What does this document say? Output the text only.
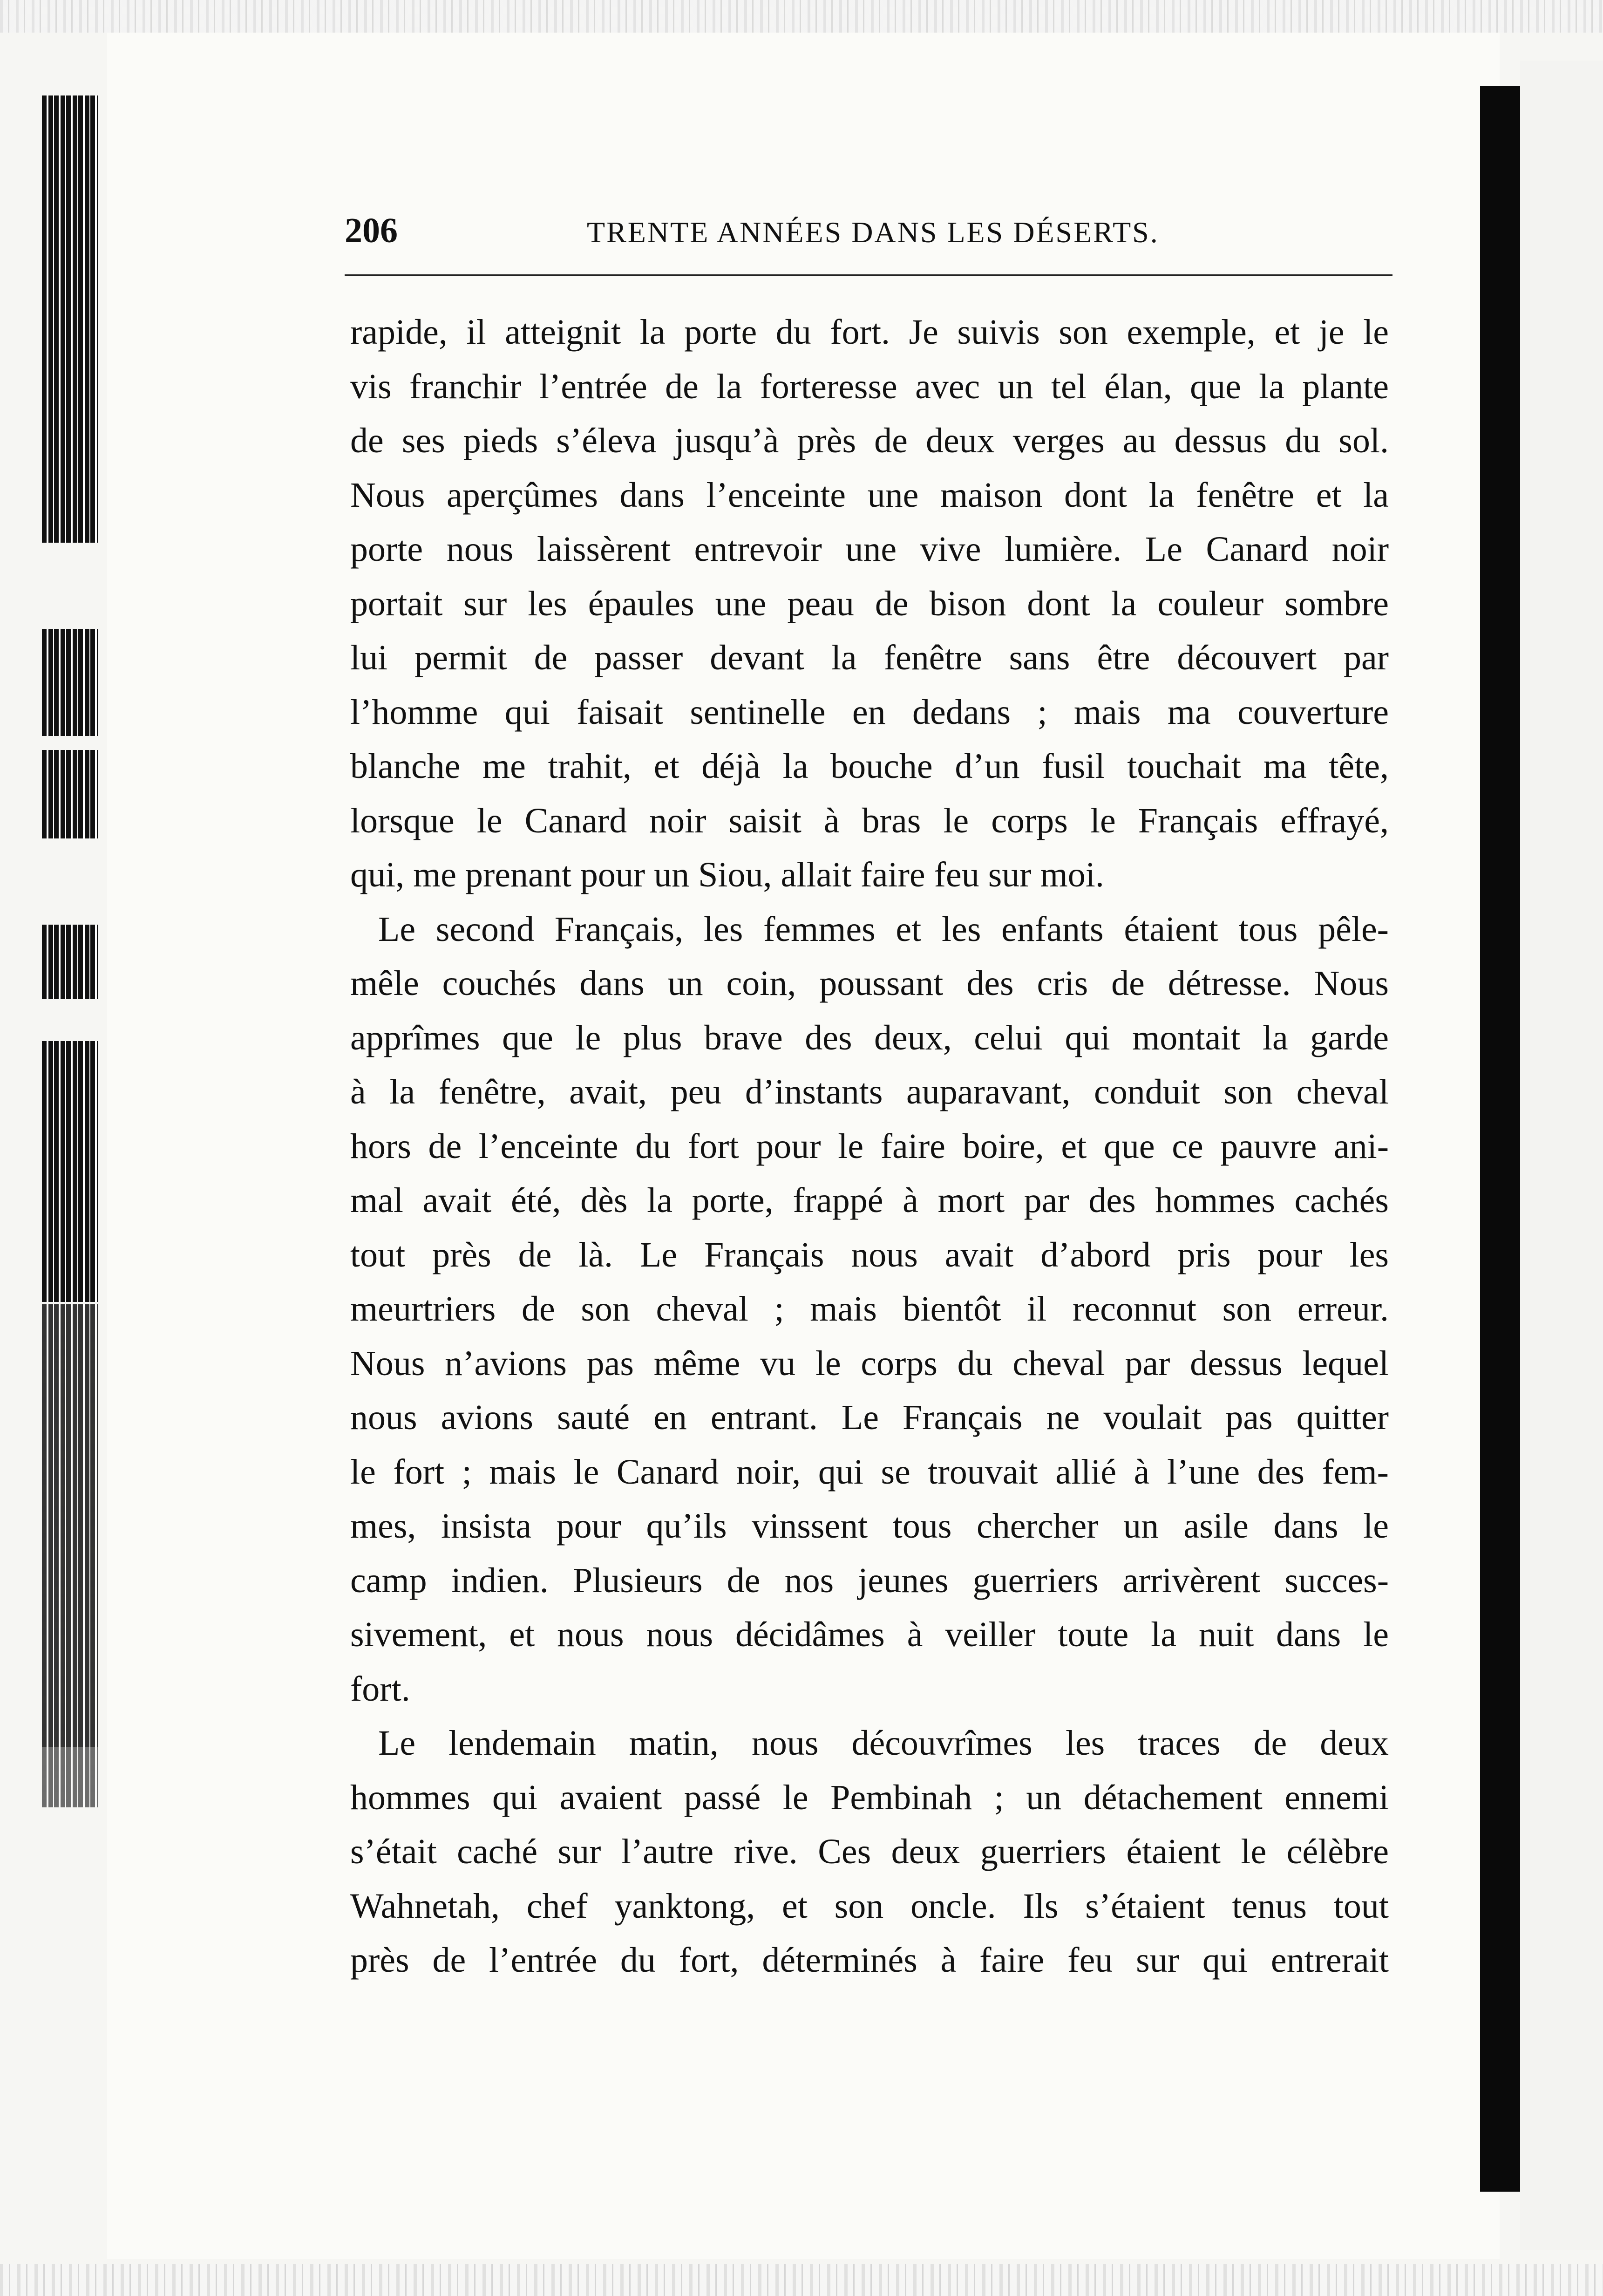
206	TRENTE ANNÉES DANS LES DÉSERTS.
rapide, il atteignit la porte du fort. Je suivis son exemple, et je le
vis franchir l’entrée de la forteresse avec un tel élan, que la plante
de ses pieds s’éleva jusqu’à près de deux verges au dessus du sol.
Nous aperçûmes dans l’enceinte une maison dont la fenêtre et la
porte nous laissèrent entrevoir une vive lumière. Le Canard noir
portait sur les épaules une peau de bison dont la couleur sombre
lui permit de passer devant la fenêtre sans être découvert par
l’homme qui faisait sentinelle en dedans ; mais ma couverture
blanche me trahit, et déjà la bouche d’un fusil touchait ma tête,
lorsque le Canard noir saisit à bras le corps le Français effrayé,
qui, me prenant pour un Siou, allait faire feu sur moi.
Le second Français, les femmes et les enfants étaient tous pêle-
mêle couchés dans un coin, poussant des cris de détresse. Nous
apprîmes que le plus brave des deux, celui qui montait la garde
à la fenêtre, avait, peu d’instants auparavant, conduit son cheval
hors de l’enceinte du fort pour le faire boire, et que ce pauvre ani-
mal avait été, dès la porte, frappé à mort par des hommes cachés
tout près de là. Le Français nous avait d’abord pris pour les
meurtriers de son cheval ; mais bientôt il reconnut son erreur.
Nous n’avions pas même vu le corps du cheval par dessus lequel
nous avions sauté en entrant. Le Français ne voulait pas quitter
le fort ; mais le Canard noir, qui se trouvait allié à l’une des fem-
mes, insista pour qu’ils vinssent tous chercher un asile dans le
camp indien. Plusieurs de nos jeunes guerriers arrivèrent succes-
sivement, et nous nous décidâmes à veiller toute la nuit dans le
fort.
Le lendemain matin, nous découvrîmes les traces de deux
hommes qui avaient passé le Pembinah ; un détachement ennemi
s’était caché sur l’autre rive. Ces deux guerriers étaient le célèbre
Wahnetah, chef yanktong, et son oncle. Ils s’étaient tenus tout
près de l’entrée du fort, déterminés à faire feu sur qui entrerait
